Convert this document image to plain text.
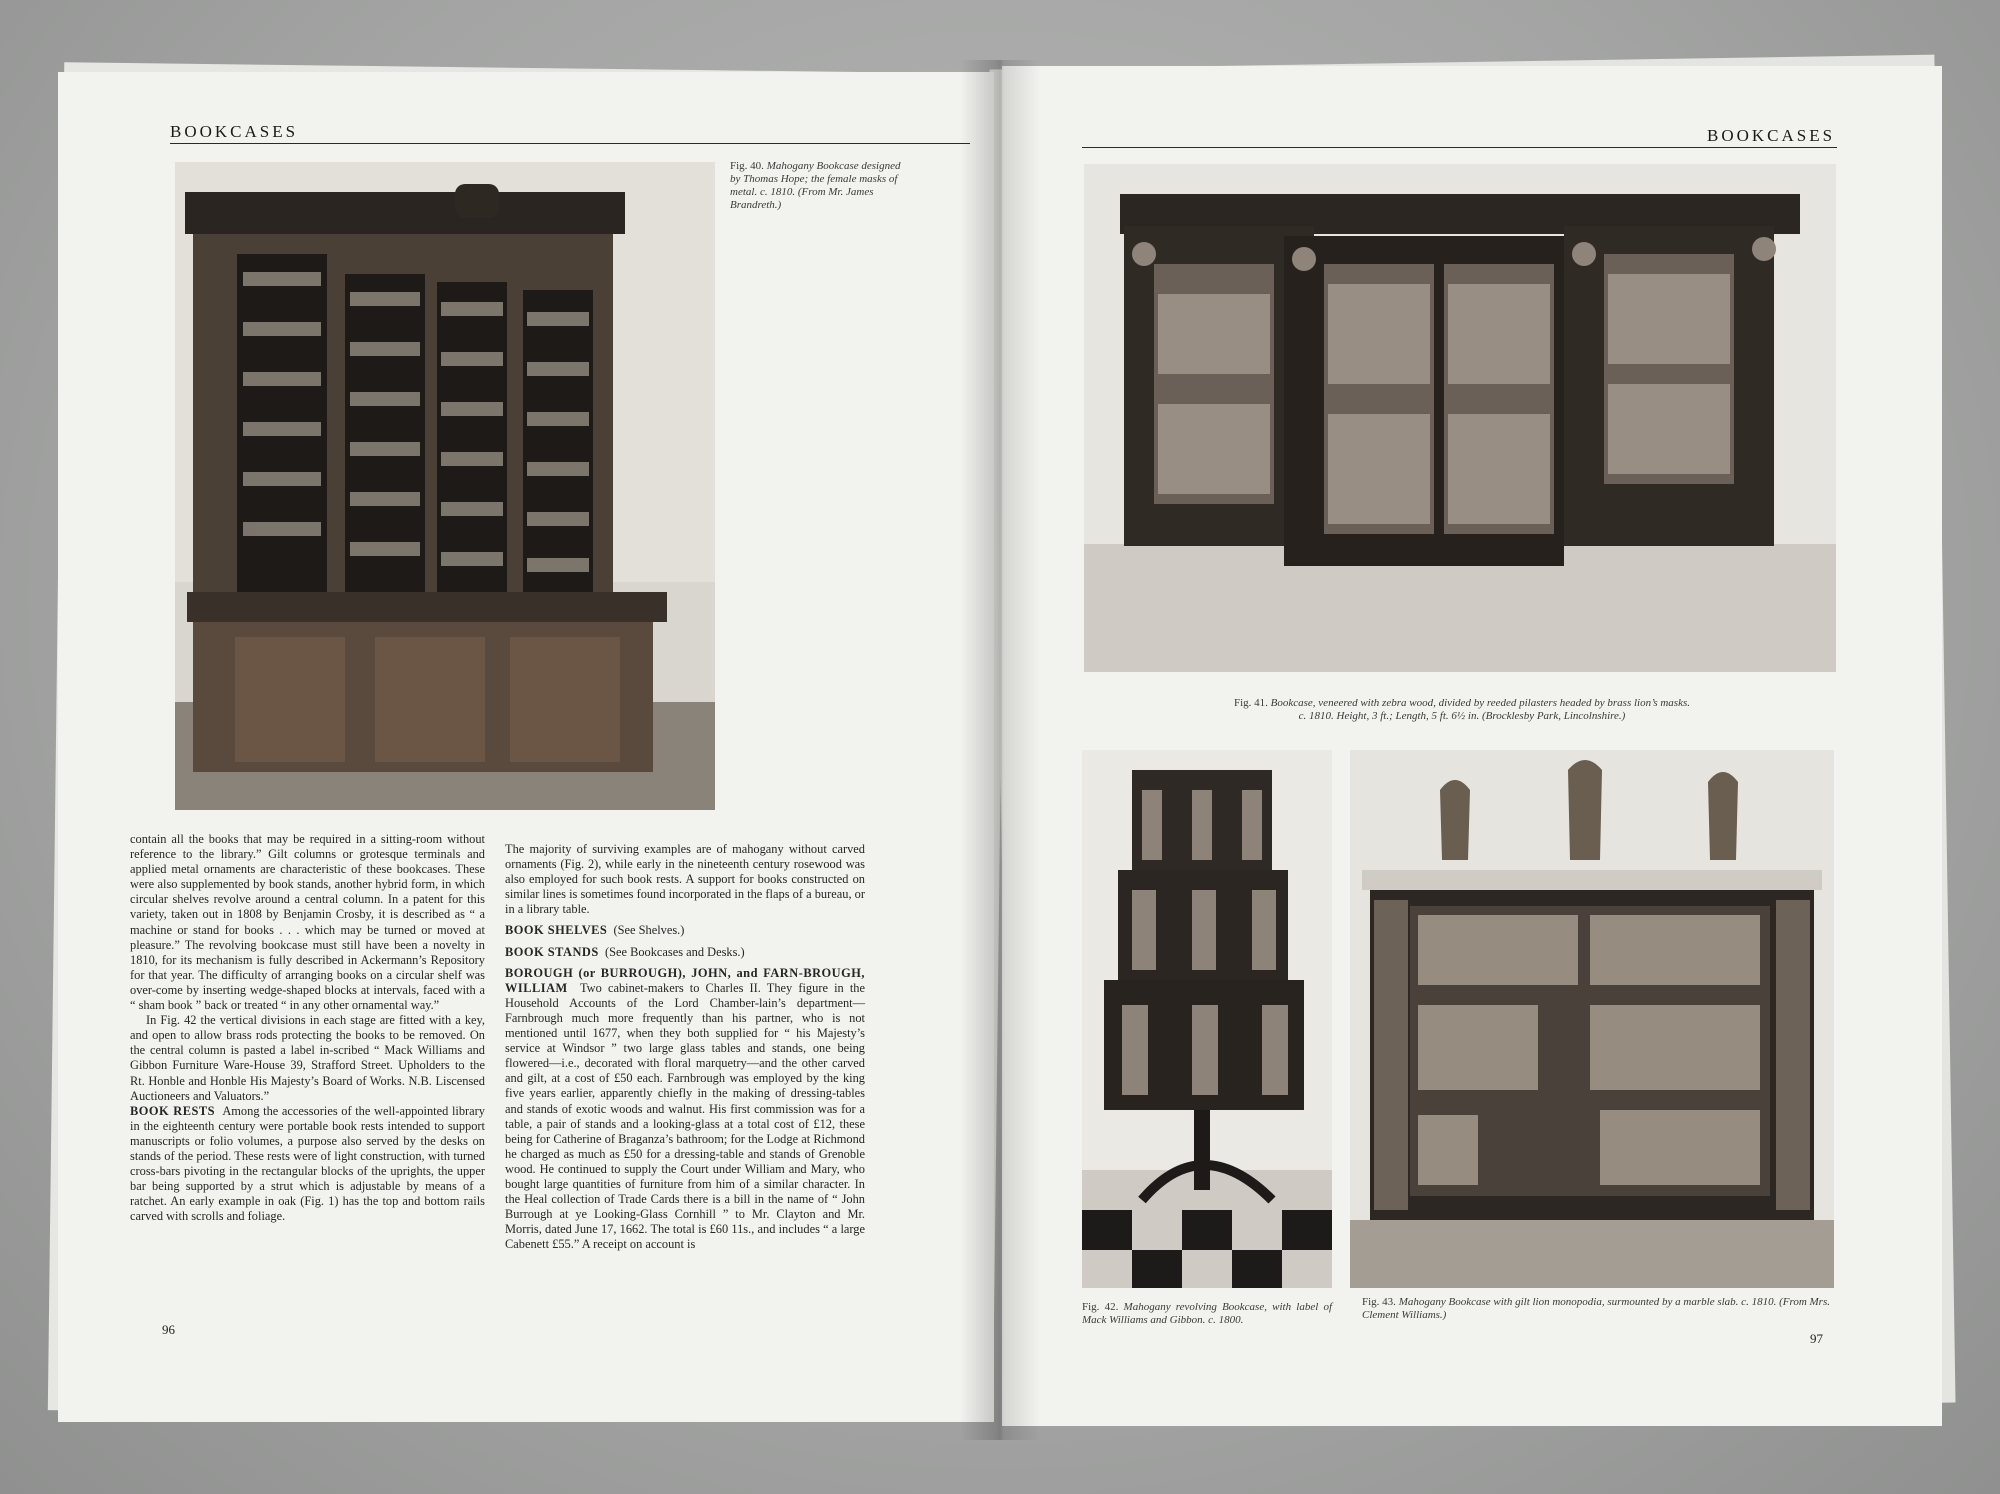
BOOKCASES
Fig. 40. Mahogany Bookcase designed by Thomas Hope; the female masks of metal. c. 1810. (From Mr. James Brandreth.)

contain all the books that may be required in a sitting-room without reference to the library.” Gilt columns or grotesque terminals and applied metal ornaments are characteristic of these bookcases. These were also supplemented by book stands, another hybrid form, in which circular shelves revolve around a central column. In a patent for this variety, taken out in 1808 by Benjamin Crosby, it is described as “ a machine or stand for books . . . which may be turned or moved at pleasure.” The revolving bookcase must still have been a novelty in 1810, for its mechanism is fully described in Ackermann’s Repository for that year. The difficulty of arranging books on a circular shelf was over-come by inserting wedge-shaped blocks at intervals, faced with a “ sham book ” back or treated “ in any other ornamental way.”

In Fig. 42 the vertical divisions in each stage are fitted with a key, and open to allow brass rods protecting the books to be removed. On the central column is pasted a label in-scribed “ Mack Williams and Gibbon Furniture Ware-House 39, Strafford Street. Upholders to the Rt. Honble and Honble His Majesty’s Board of Works. N.B. Liscensed Auctioneers and Valuators.”

BOOK RESTS Among the accessories of the well-appointed library in the eighteenth century were portable book rests intended to support manuscripts or folio volumes, a purpose also served by the desks on stands of the period. These rests were of light construction, with turned cross-bars pivoting in the rectangular blocks of the uprights, the upper bar being supported by a strut which is adjustable by means of a ratchet. An early example in oak (Fig. 1) has the top and bottom rails carved with scrolls and foliage.

The majority of surviving examples are of mahogany without carved ornaments (Fig. 2), while early in the nineteenth century rosewood was also employed for such book rests. A support for books constructed on similar lines is sometimes found incorporated in the flaps of a bureau, or in a library table.

BOOK SHELVES (See Shelves.)

BOOK STANDS (See Bookcases and Desks.)

BOROUGH (or BURROUGH), JOHN, and FARN-BROUGH, WILLIAM Two cabinet-makers to Charles II. They figure in the Household Accounts of the Lord Chamber-lain’s department—Farnbrough much more frequently than his partner, who is not mentioned until 1677, when they both supplied for “ his Majesty’s service at Windsor ” two large glass tables and stands, one being flowered—i.e., decorated with floral marquetry—and the other carved and gilt, at a cost of £50 each. Farnbrough was employed by the king five years earlier, apparently chiefly in the making of dressing-tables and stands of exotic woods and walnut. His first commission was for a table, a pair of stands and a looking-glass at a total cost of £12, these being for Catherine of Braganza’s bathroom; for the Lodge at Richmond he charged as much as £50 for a dressing-table and stands of Grenoble wood. He continued to supply the Court under William and Mary, who bought large quantities of furniture from him of a similar character. In the Heal collection of Trade Cards there is a bill in the name of “ John Burrough at ye Looking-Glass Cornhill ” to Mr. Clayton and Mr. Morris, dated June 17, 1662. The total is £60 11s., and includes “ a large Cabenett £55.” A receipt on account is

96
BOOKCASES
Fig. 41. Bookcase, veneered with zebra wood, divided by reeded pilasters headed by brass lion’s masks.
c. 1810. Height, 3 ft.; Length, 5 ft. 6½ in. (Brocklesby Park, Lincolnshire.)
Fig. 42. Mahogany revolving Bookcase, with label of Mack Williams and Gibbon. c. 1800.
Fig. 43. Mahogany Bookcase with gilt lion monopodia, surmounted by a marble slab. c. 1810. (From Mrs. Clement Williams.)
97
